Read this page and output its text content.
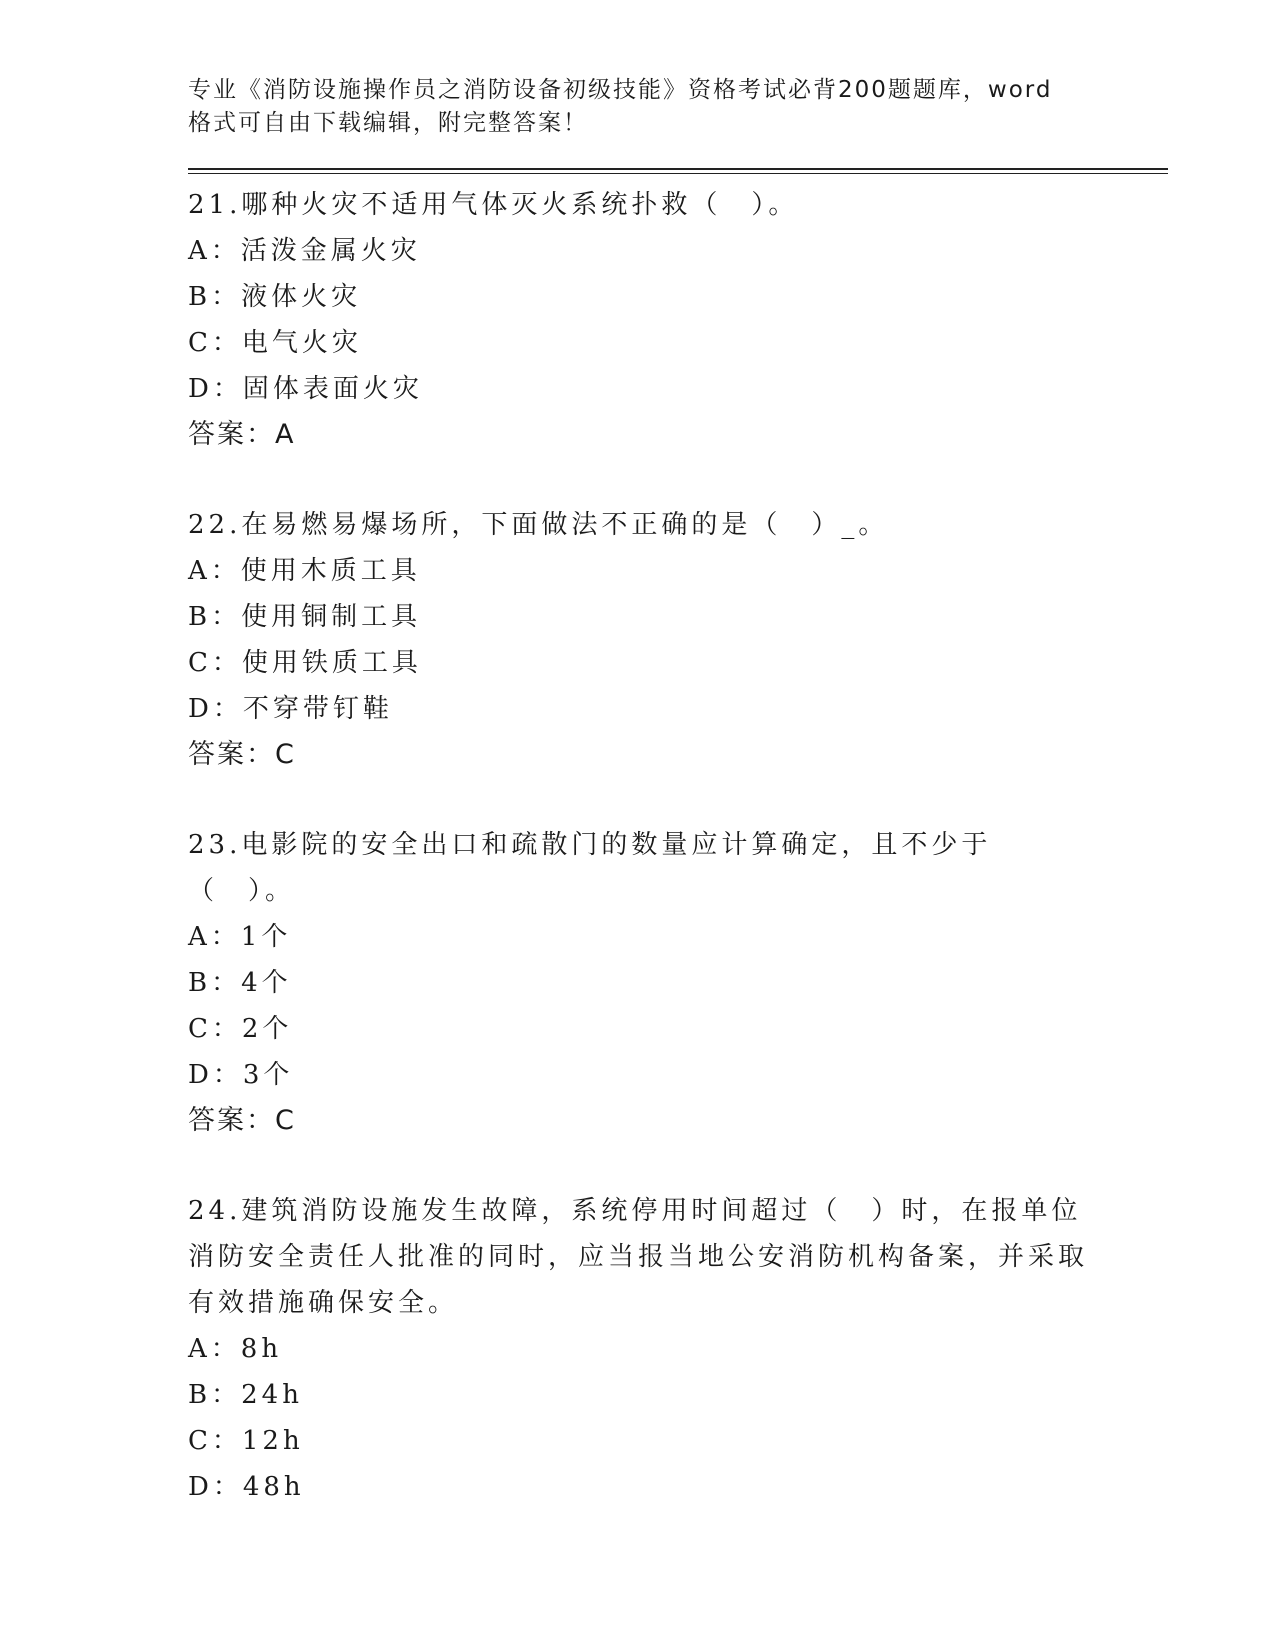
专业《消防设施操作员之消防设备初级技能》资格考试必背200题题库，word格式可自由下载编辑，附完整答案！
21.哪种火灾不适用气体灭火系统扑救（　）。
A：活泼金属火灾
B：液体火灾
C：电气火灾
D：固体表面火灾
答案：A
22.在易燃易爆场所，下面做法不正确的是（　）_。
A：使用木质工具
B：使用铜制工具
C：使用铁质工具
D：不穿带钉鞋
答案：C
23.电影院的安全出口和疏散门的数量应计算确定，且不少于（　）。
A：1个
B：4个
C：2个
D：3个
答案：C
24.建筑消防设施发生故障，系统停用时间超过（　）时，在报单位消防安全责任人批准的同时，应当报当地公安消防机构备案，并采取有效措施确保安全。
A：8h
B：24h
C：12h
D：48h
